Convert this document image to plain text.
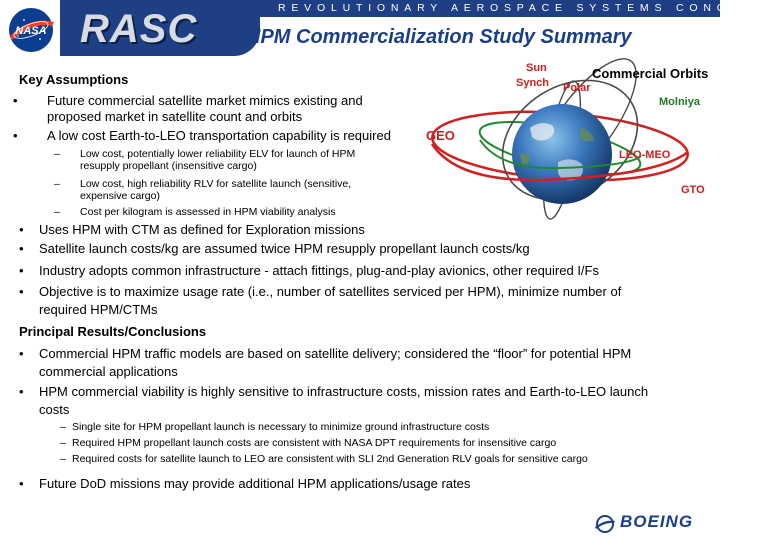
REVOLUTIONARY AEROSPACE SYSTEMS CONCEPTS
NASA RASC HPM Commercialization Study Summary
Sun
Synch Polar
Commercial Orbits
Molniya
GEO
LEO-MEO
GTO
Key Assumptions
• Future commercial satellite market mimics existing and
proposed market in satellite count and orbits
• A low cost Earth-to-LEO transportation capability is required
– Low cost, potentially lower reliability ELV for launch of HPM
resupply propellant (insensitive cargo)
– Low cost, high reliability RLV for satellite launch (sensitive,
expensive cargo)
– Cost per kilogram is assessed in HPM viability analysis
• Uses HPM with CTM as defined for Exploration missions
• Satellite launch costs/kg are assumed twice HPM resupply propellant launch costs/kg
• Industry adopts common infrastructure - attach fittings, plug-and-play avionics, other required I/Fs
• Objective is to maximize usage rate (i.e., number of satellites serviced per HPM), minimize number of
required HPM/CTMs
Principal Results/Conclusions
• Commercial HPM traffic models are based on satellite delivery; considered the “floor” for potential HPM
commercial applications
• HPM commercial viability is highly sensitive to infrastructure costs, mission rates and Earth-to-LEO launch
costs
– Single site for HPM propellant launch is necessary to minimize ground infrastructure costs
– Required HPM propellant launch costs are consistent with NASA DPT requirements for insensitive cargo
– Required costs for satellite launch to LEO are consistent with SLI 2nd Generation RLV goals for sensitive cargo
• Future DoD missions may provide additional HPM applications/usage rates
BOEING
